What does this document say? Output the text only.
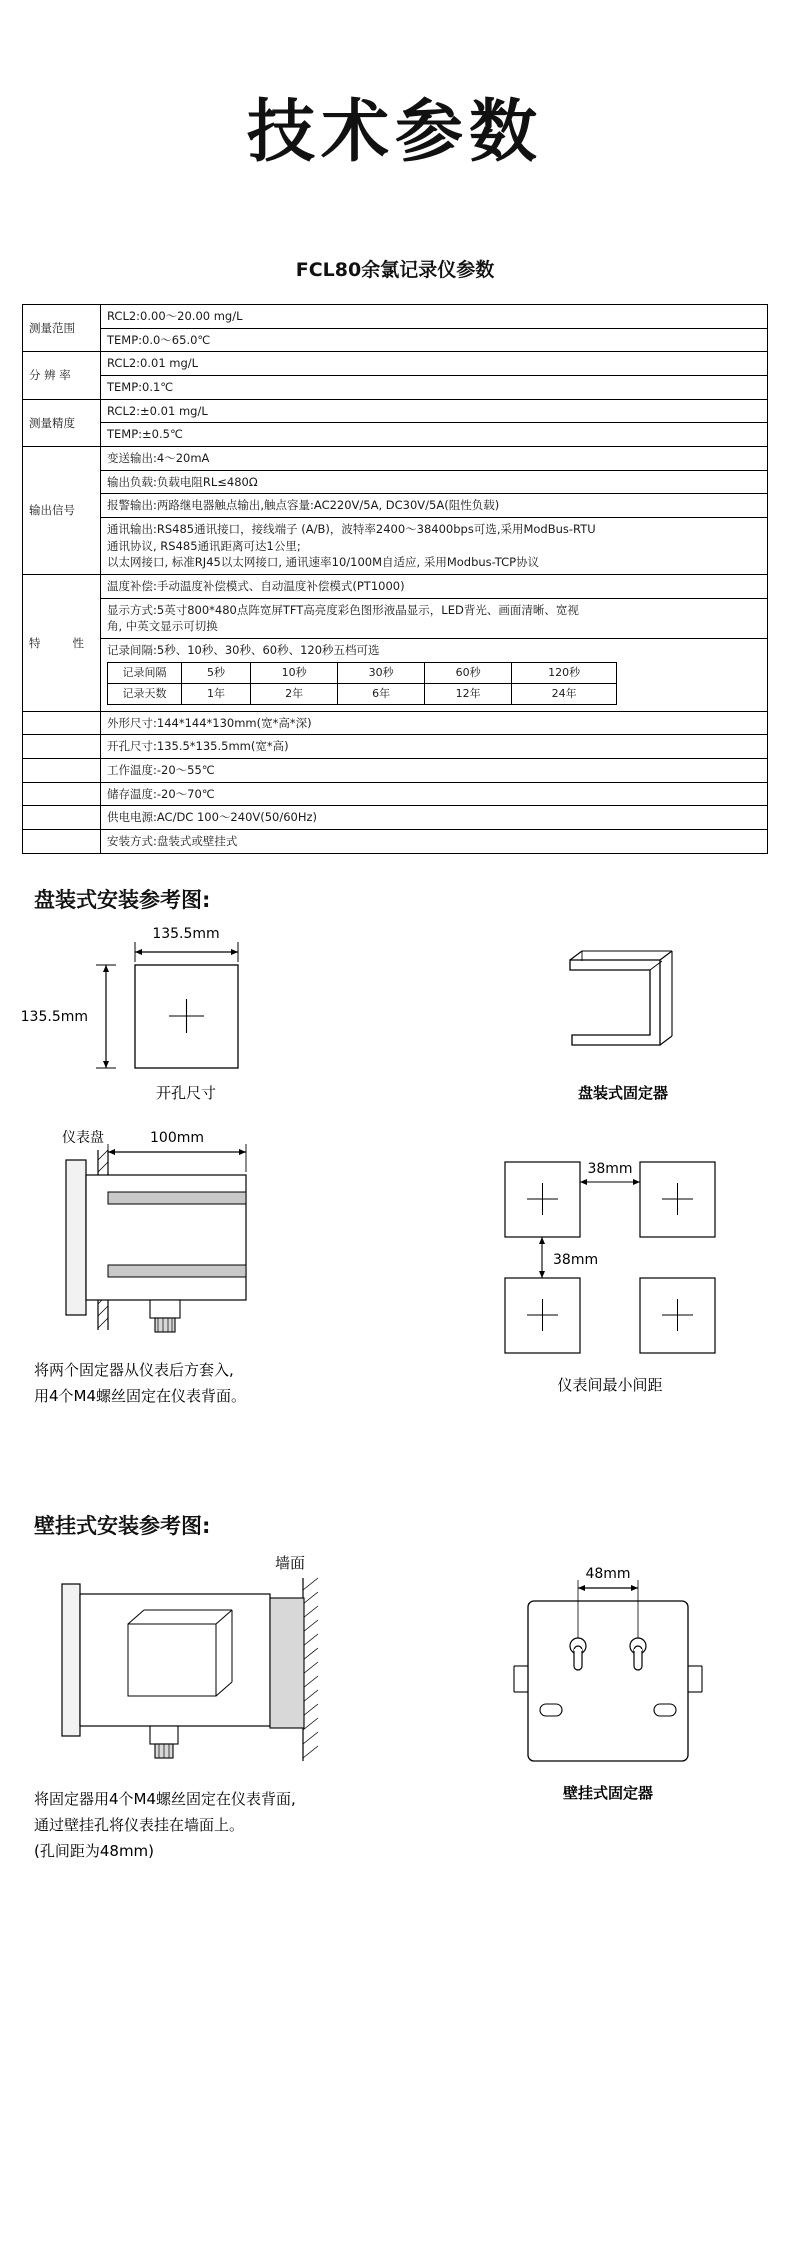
技术参数
FCL80余氯记录仪参数
测量范围	RCL2:0.00～20.00 mg/L
TEMP:0.0～65.0℃
分 辨 率	RCL2:0.01 mg/L
TEMP:0.1℃
测量精度	RCL2:±0.01 mg/L
TEMP:±0.5℃
输出信号	变送输出:4～20mA
输出负载:负载电阻RL≤480Ω
报警输出:两路继电器触点输出,触点容量:AC220V/5A, DC30V/5A(阻性负载)

通讯输出:RS485通讯接口，接线端子 (A/B)，波特率2400～38400bps可选,采用ModBus-RTU
通讯协议, RS485通讯距离可达1公里;
以太网接口, 标准RJ45以太网接口, 通讯速率10/100M自适应, 采用Modbus-TCP协议

特　　性	温度补偿:手动温度补偿模式、自动温度补偿模式(PT1000)

显示方式:5英寸800*480点阵宽屏TFT高亮度彩色图形液晶显示，LED背光、画面清晰、宽视
角, 中英文显示可切换

记录间隔:5秒、10秒、30秒、60秒、120秒五档可选
记录间隔	5秒	10秒	30秒	60秒	120秒
记录天数	1年	2年	6年	12年	24年

	外形尺寸:144*144*130mm(宽*高*深)
	开孔尺寸:135.5*135.5mm(宽*高)
	工作温度:-20～55℃
	储存温度:-20～70℃
	供电电源:AC/DC 100～240V(50/60Hz)
	安装方式:盘装式或壁挂式
盘装式安装参考图:
135.5mm
135.5mm
开孔尺寸	盘装式固定器
仪表盘	100mm
38mm
38mm
仪表间最小间距
将两个固定器从仪表后方套入,
用4个M4螺丝固定在仪表背面。
壁挂式安装参考图:
墙面
48mm
壁挂式固定器
将固定器用4个M4螺丝固定在仪表背面,
通过壁挂孔将仪表挂在墙面上。
(孔间距为48mm)
